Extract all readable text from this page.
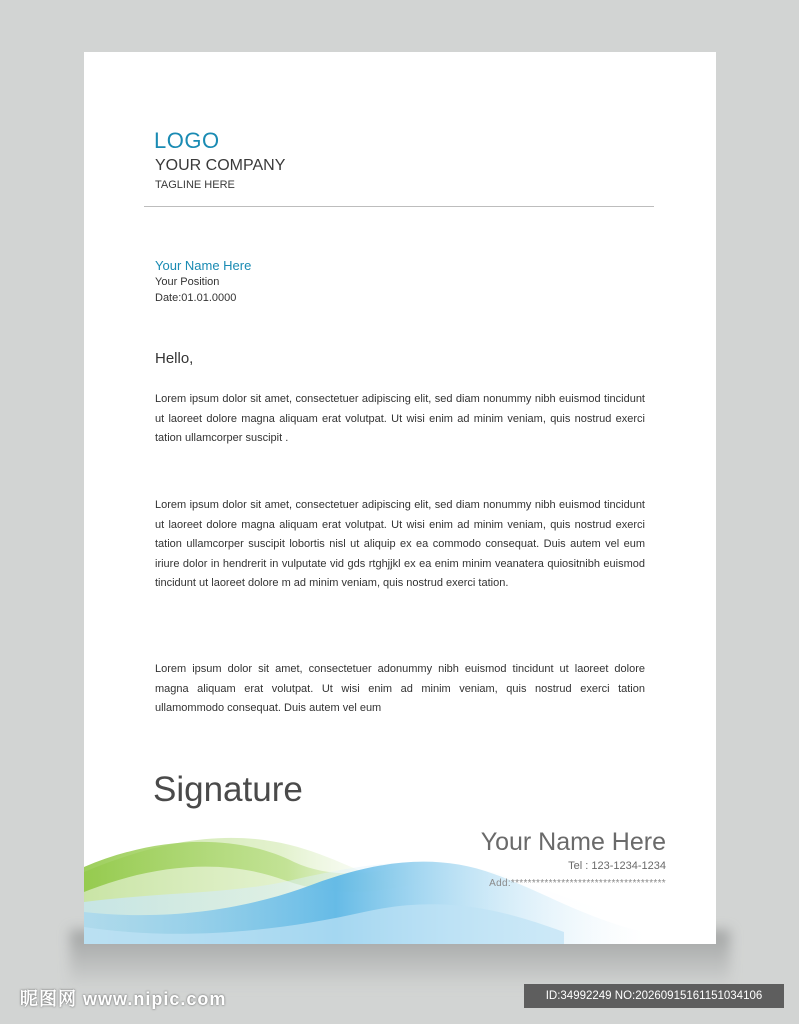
LOGO
YOUR COMPANY
TAGLINE HERE
Your Name Here
Your Position
Date:01.01.0000
Hello,
Lorem ipsum dolor sit amet, consectetuer adipiscing elit, sed diam nonummy nibh euismod tincidunt ut laoreet dolore magna aliquam erat volutpat. Ut wisi enim ad minim veniam, quis nostrud exerci tation ullamcorper suscipit .
Lorem ipsum dolor sit amet, consectetuer adipiscing elit, sed diam nonummy nibh euismod tincidunt ut laoreet dolore magna aliquam erat volutpat. Ut wisi enim ad minim veniam, quis nostrud exerci tation ullamcorper suscipit lobortis nisl ut aliquip ex ea commodo consequat. Duis autem vel eum iriure dolor in hendrerit in vulputate vid gds rtghjjkl ex ea enim minim veanatera quiositnibh euismod tincidunt ut laoreet dolore m ad minim veniam, quis nostrud exerci tation.
Lorem ipsum dolor sit amet, consectetuer adonummy nibh euismod tincidunt ut laoreet dolore magna aliquam erat volutpat. Ut wisi enim ad minim veniam, quis nostrud exerci tation ullamommodo consequat. Duis autem vel eum
Signature
Your Name Here
Tel : 123-1234-1234
Add:*************************************
昵图网 www.nipic.com	ID:34992249 NO:20260915161151034106
